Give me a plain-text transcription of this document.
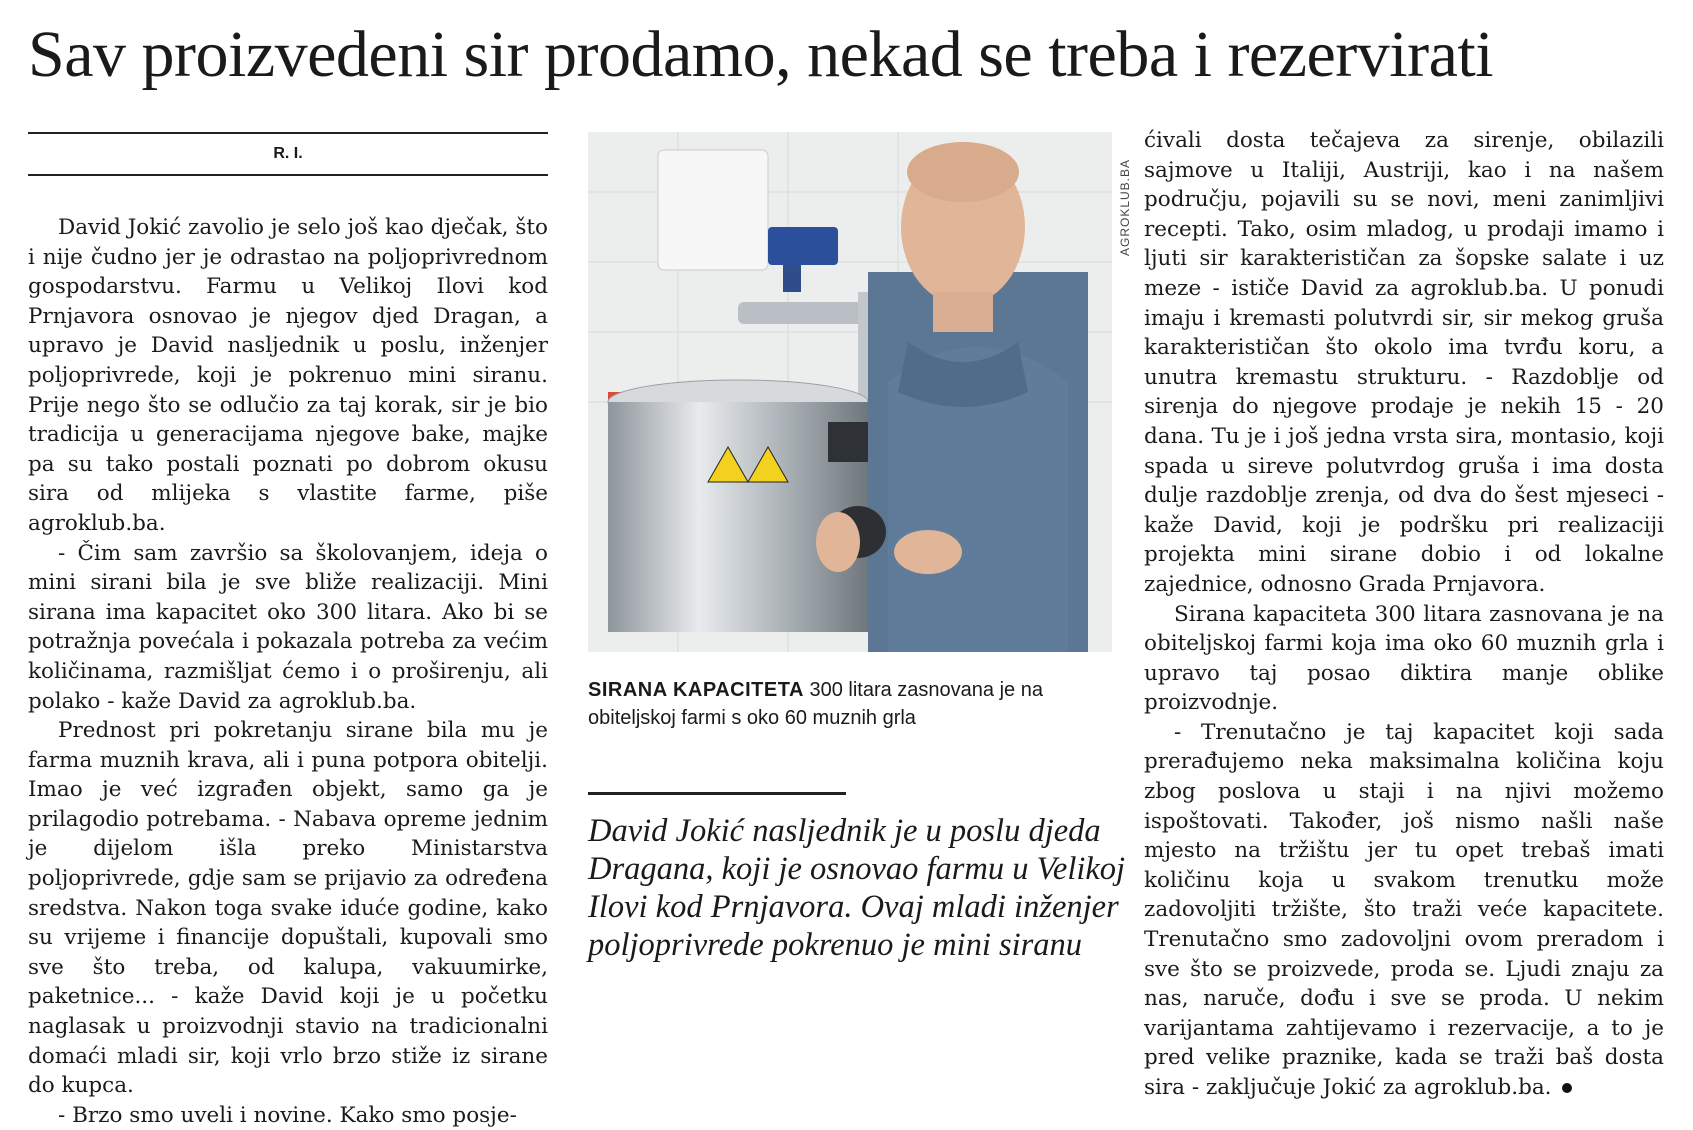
Sav proizvedeni sir prodamo, nekad se treba i rezervirati
R. I.

David Jokić zavolio je selo još kao dječak, što i nije čudno jer je odrastao na poljoprivrednom gospodarstvu. Farmu u Velikoj Ilovi kod Prnjavora osnovao je njegov djed Dragan, a upravo je David nasljednik u poslu, inženjer poljoprivrede, koji je pokrenuo mini siranu. Prije nego što se odlučio za taj korak, sir je bio tradicija u generacijama njegove bake, majke pa su tako postali poznati po dobrom okusu sira od mlijeka s vlastite farme, piše agroklub.ba.

- Čim sam završio sa školovanjem, ideja o mini sirani bila je sve bliže realizaciji. Mini sirana ima kapacitet oko 300 litara. Ako bi se potražnja povećala i pokazala potreba za većim količinama, razmišljat ćemo i o proširenju, ali polako - kaže David za agroklub.ba.

Prednost pri pokretanju sirane bila mu je farma muznih krava, ali i puna potpora obitelji. Imao je već izgrađen objekt, samo ga je prilagodio potrebama. - Nabava opreme jednim je dijelom išla preko Ministarstva poljoprivrede, gdje sam se prijavio za određena sredstva. Nakon toga svake iduće godine, kako su vrijeme i financije dopuštali, kupovali smo sve što treba, od kalupa, vakuumirke, paketnice... - kaže David koji je u početku naglasak u proizvodnji stavio na tradicionalni domaći mladi sir, koji vrlo brzo stiže iz sirane do kupca.

- Brzo smo uveli i novine. Kako smo posje-

AGROKLUB.BA
SIRANA KAPACITETA 300 litara zasnovana je na obiteljskoj farmi s oko 60 muznih grla
David Jokić nasljednik je u poslu djeda Dragana, koji je osnovao farmu u Velikoj Ilovi kod Prnjavora. Ovaj mladi inženjer poljoprivrede pokrenuo je mini siranu

ćivali dosta tečajeva za sirenje, obilazili sajmove u Italiji, Austriji, kao i na našem području, pojavili su se novi, meni zanimljivi recepti. Tako, osim mladog, u prodaji imamo i ljuti sir karakterističan za šopske salate i uz meze - ističe David za agroklub.ba. U ponudi imaju i kremasti polutvrdi sir, sir mekog gruša karakterističan što okolo ima tvrđu koru, a unutra kremastu strukturu. - Razdoblje od sirenja do njegove prodaje je nekih 15 - 20 dana. Tu je i još jedna vrsta sira, montasio, koji spada u sireve polutvrdog gruša i ima dosta dulje razdoblje zrenja, od dva do šest mjeseci - kaže David, koji je podršku pri realizaciji projekta mini sirane dobio i od lokalne zajednice, odnosno Grada Prnjavora.

Sirana kapaciteta 300 litara zasnovana je na obiteljskoj farmi koja ima oko 60 muznih grla i upravo taj posao diktira manje oblike proizvodnje.

- Trenutačno je taj kapacitet koji sada prerađujemo neka maksimalna količina koju zbog poslova u staji i na njivi možemo ispoštovati. Također, još nismo našli naše mjesto na tržištu jer tu opet trebaš imati količinu koja u svakom trenutku može zadovoljiti tržište, što traži veće kapacitete. Trenutačno smo zadovoljni ovom preradom i sve što se proizvede, proda se. Ljudi znaju za nas, naruče, dođu i sve se proda. U nekim varijantama zahtijevamo i rezervacije, a to je pred velike praznike, kada se traži baš dosta sira - zaključuje Jokić za agroklub.ba.
